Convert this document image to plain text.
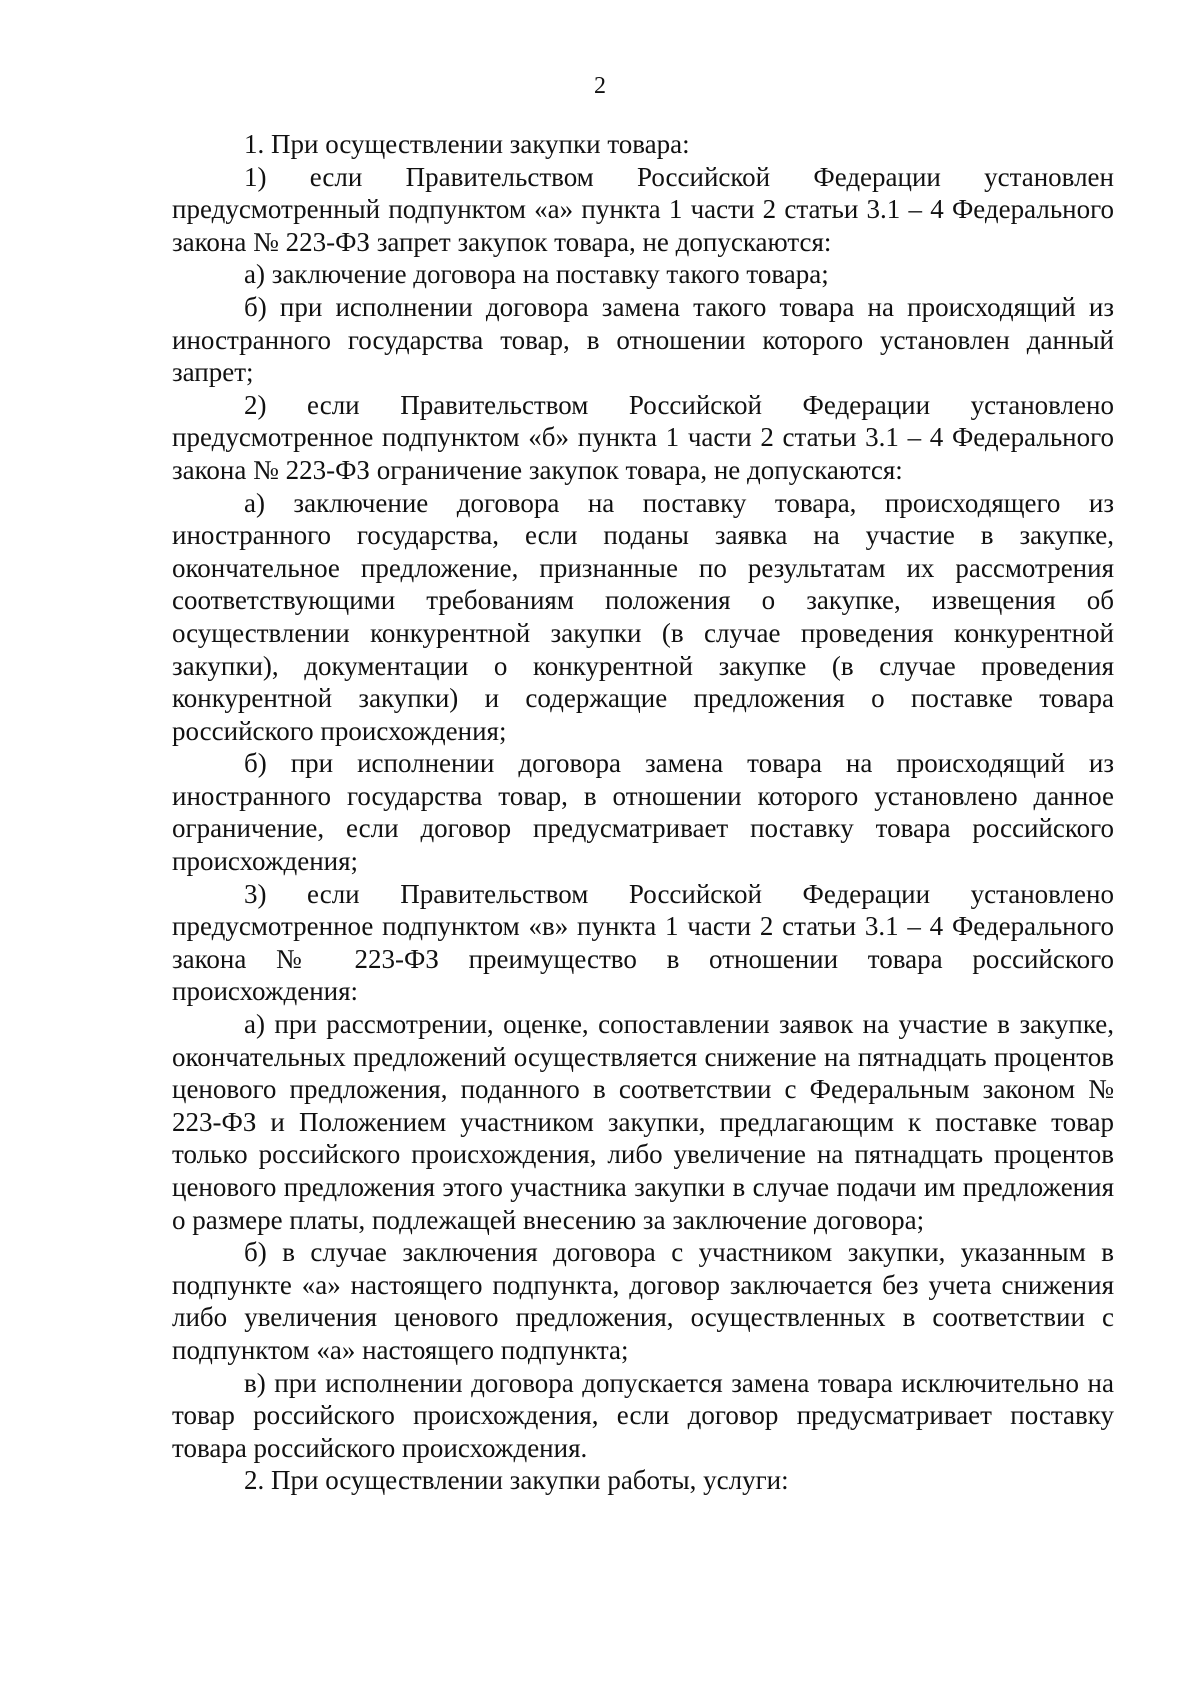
2

1. При осуществлении закупки товара:

1) если Правительством Российской Федерации установлен предусмотренный подпунктом «а» пункта 1 части 2 статьи 3.1 – 4 Федерального закона № 223-ФЗ запрет закупок товара, не допускаются:

а) заключение договора на поставку такого товара;

б) при исполнении договора замена такого товара на происходящий из иностранного государства товар, в отношении которого установлен данный запрет;

2) если Правительством Российской Федерации установлено предусмотренное подпунктом «б» пункта 1 части 2 статьи 3.1 – 4 Федерального закона № 223-ФЗ ограничение закупок товара, не допускаются:

а) заключение договора на поставку товара, происходящего из иностранного государства, если поданы заявка на участие в закупке, окончательное предложение, признанные по результатам их рассмотрения соответствующими требованиям положения о закупке, извещения об осуществлении конкурентной закупки (в случае проведения конкурентной закупки), документации о конкурентной закупке (в случае проведения конкурентной закупки) и содержащие предложения о поставке товара российского происхождения;

б) при исполнении договора замена товара на происходящий из иностранного государства товар, в отношении которого установлено данное ограничение, если договор предусматривает поставку товара российского происхождения;

3) если Правительством Российской Федерации установлено предусмотренное подпунктом «в» пункта 1 части 2 статьи 3.1 – 4 Федерального закона № 223-ФЗ преимущество в отношении товара российского происхождения:

а) при рассмотрении, оценке, сопоставлении заявок на участие в закупке, окончательных предложений осуществляется снижение на пятнадцать процентов ценового предложения, поданного в соответствии с Федеральным законом № 223-ФЗ и Положением участником закупки, предлагающим к поставке товар только российского происхождения, либо увеличение на пятнадцать процентов ценового предложения этого участника закупки в случае подачи им предложения о размере платы, подлежащей внесению за заключение договора;

б) в случае заключения договора с участником закупки, указанным в подпункте «а» настоящего подпункта, договор заключается без учета снижения либо увеличения ценового предложения, осуществленных в соответствии с подпунктом «а» настоящего подпункта;

в) при исполнении договора допускается замена товара исключительно на товар российского происхождения, если договор предусматривает поставку товара российского происхождения.

2. При осуществлении закупки работы, услуги:
